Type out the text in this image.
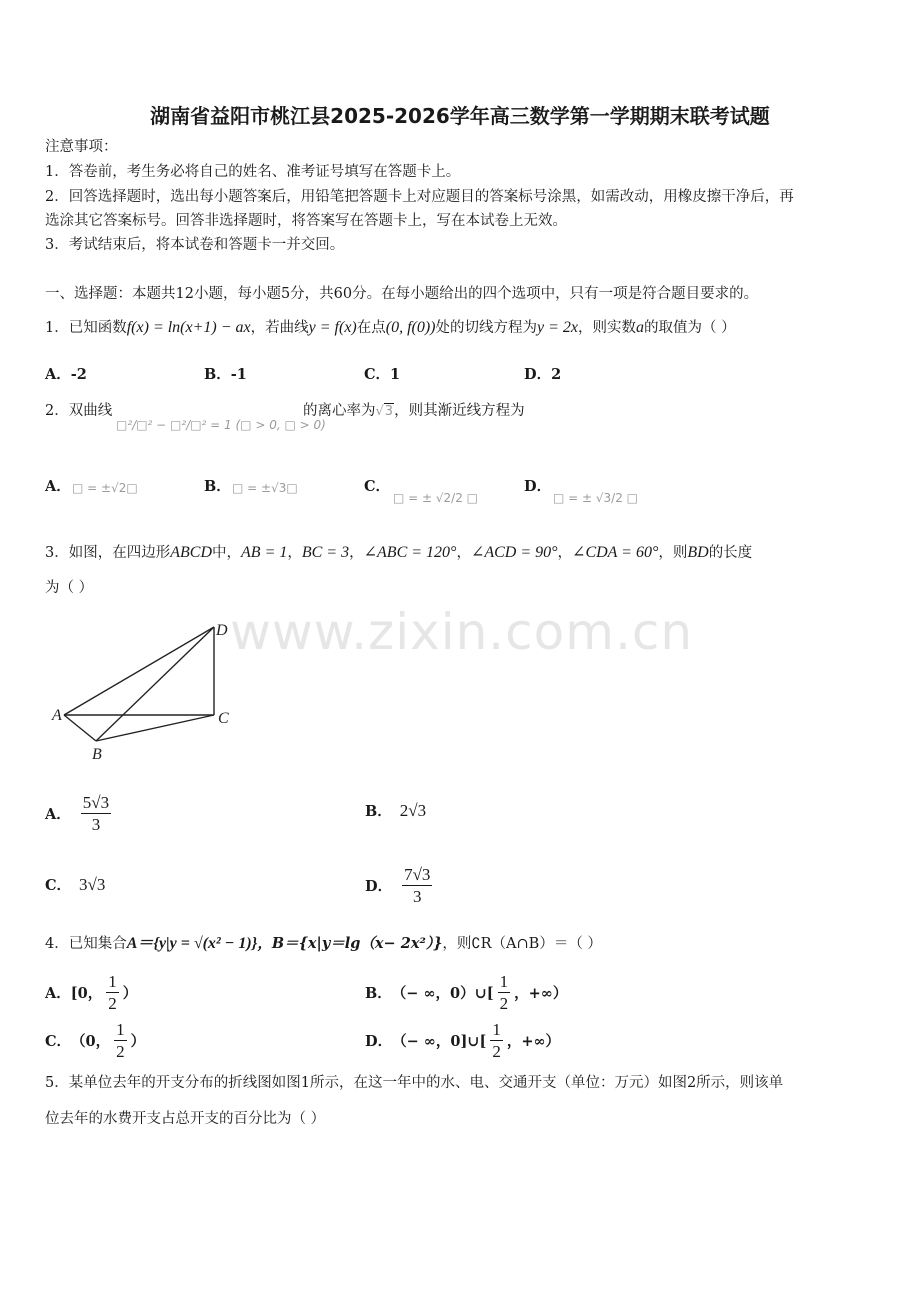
湖南省益阳市桃江县2025-2026学年高三数学第一学期期末联考试题
注意事项：
1．答卷前，考生务必将自己的姓名、准考证号填写在答题卡上。
2．回答选择题时，选出每小题答案后，用铅笔把答题卡上对应题目的答案标号涂黑，如需改动，用橡皮擦干净后，再
选涂其它答案标号。回答非选择题时，将答案写在答题卡上，写在本试卷上无效。
3．考试结束后，将本试卷和答题卡一并交回。
一、选择题：本题共12小题，每小题5分，共60分。在每小题给出的四个选项中，只有一项是符合题目要求的。
1．已知函数f(x) = ln(x+1) − ax，若曲线y = f(x)在点(0, f(0))处的切线方程为y = 2x，则实数a的取值为（ ）
A．-2	B．-1	C．1	D．2
2．双曲线
□²/□² − □²/□² = 1 (□ > 0, □ > 0)
的离心率为√3，则其渐近线方程为
A． □ = ±√2□	B． □ = ±√3□	C．
□ = ± √2/2 □
D．
□ = ± √3/2 □
3．如图，在四边形ABCD中，AB = 1，BC = 3，∠ABC = 120°，∠ACD = 90°，∠CDA = 60°，则BD的长度
为（ ）
www.zixin.com.cn
A
B
C
D
A． $\frac{5√3}{3}$	B． 2√3
C． 3√3	D． $\frac{7√3}{3}$
4．已知集合A＝{y|y = √(x² − 1)}，B＝{x|y＝lg（x− 2x²）}，则∁R（A∩B）＝（ ）
A． [0， $\frac{1}{2}$ ）	B． （− ∞，0）∪[ $\frac{1}{2}$ ，+∞）
C． （0， $\frac{1}{2}$ ）	D． （− ∞，0]∪[ $\frac{1}{2}$ ，+∞）
5．某单位去年的开支分布的折线图如图1所示，在这一年中的水、电、交通开支（单位：万元）如图2所示，则该单
位去年的水费开支占总开支的百分比为（ ）
